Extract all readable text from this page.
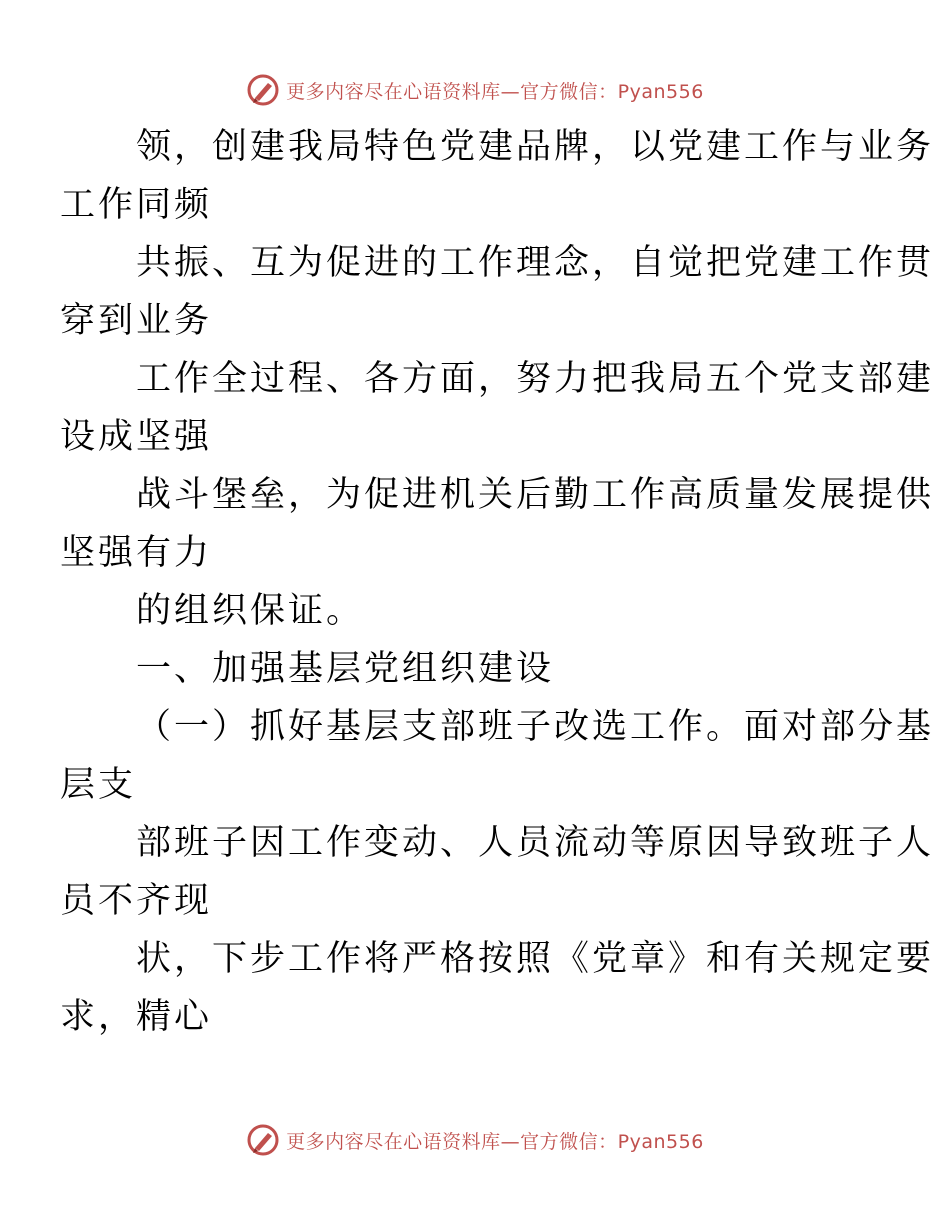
更多内容尽在心语资料库—官方微信：Pyan556
领，创建我局特色党建品牌，以党建工作与业务
工作同频
共振、互为促进的工作理念，自觉把党建工作贯
穿到业务
工作全过程、各方面，努力把我局五个党支部建
设成坚强
战斗堡垒，为促进机关后勤工作高质量发展提供
坚强有力
的组织保证。
一、加强基层党组织建设
（一）抓好基层支部班子改选工作。面对部分基
层支
部班子因工作变动、人员流动等原因导致班子人
员不齐现
状，下步工作将严格按照《党章》和有关规定要
求，精心
更多内容尽在心语资料库—官方微信：Pyan556
